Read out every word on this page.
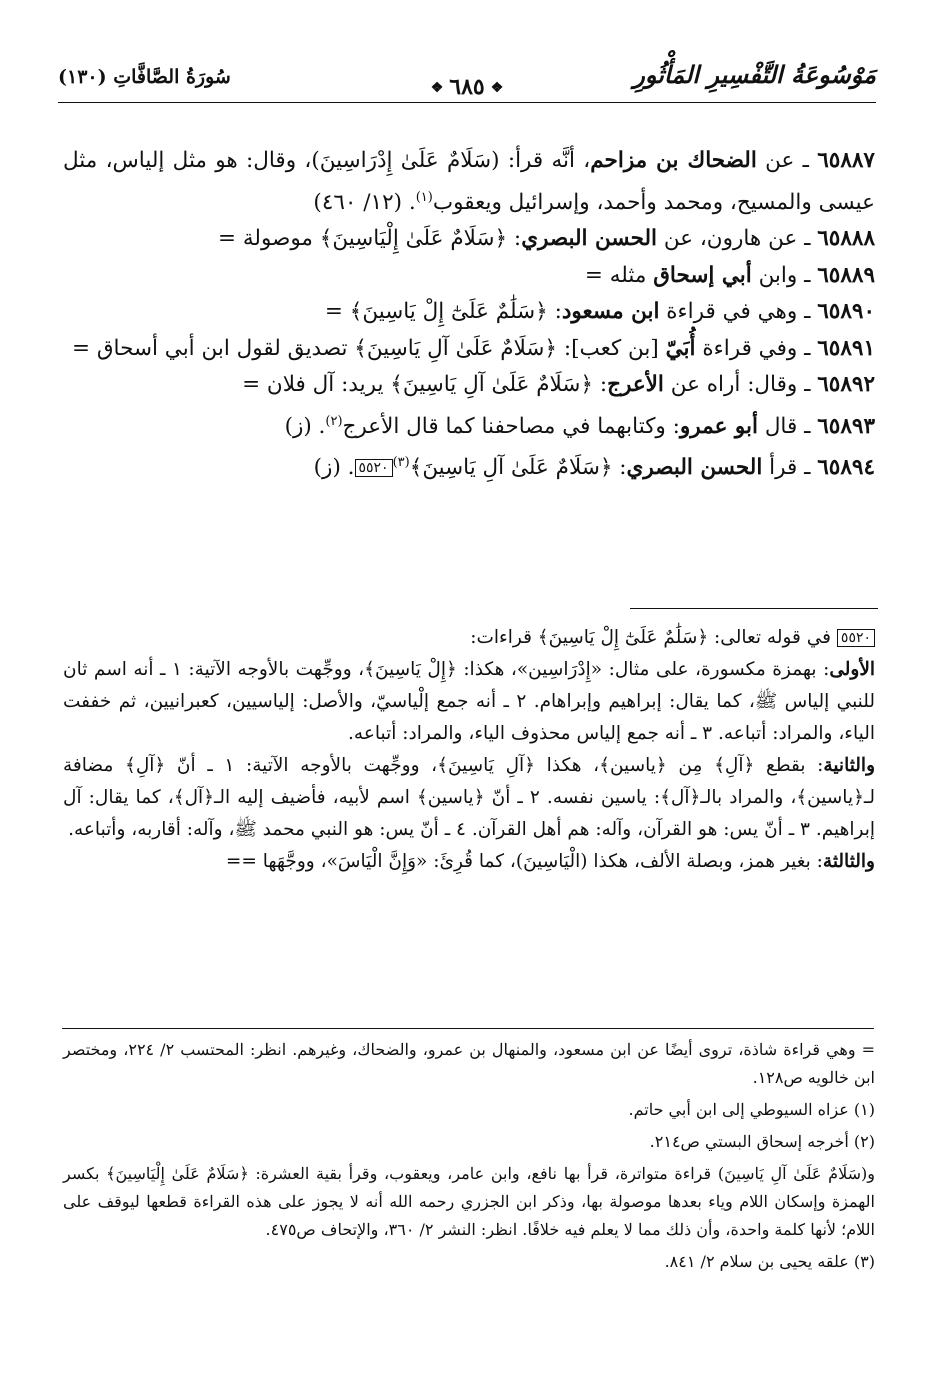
مَوْسُوعَةُ التَّفْسِيرِ المَأْثُورِ
❖٦٨٥❖
سُورَةُ الصَّافَّاتِ (١٣٠)

٦٥٨٨٧ ـ عن الضحاك بن مزاحم، أنَّه قرأ: (سَلَامٌ عَلَىٰ إِدْرَاسِينَ)، وقال: هو مثل إلياس، مثل عيسى والمسيح، ومحمد وأحمد، وإسرائيل ويعقوب$^{(١)}$. (١٢/ ٤٦٠)

٦٥٨٨٨ ـ عن هارون، عن الحسن البصري: ﴿سَلَامٌ عَلَىٰ إِلْيَاسِينَ﴾ موصولة =

٦٥٨٨٩ ـ وابن أبي إسحاق مثله =

٦٥٨٩٠ ـ وهي في قراءة ابن مسعود: ﴿سَلَٰمٌ عَلَىٰٓ إِلْ يَاسِينَ﴾ =

٦٥٨٩١ ـ وفي قراءة أُبَيّ [بن كعب]: ﴿سَلَامٌ عَلَىٰ آلِ يَاسِينَ﴾ تصديق لقول ابن أبي أسحاق =

٦٥٨٩٢ ـ وقال: أراه عن الأعرج: ﴿سَلَامٌ عَلَىٰ آلِ يَاسِينَ﴾ يريد: آل فلان =

٦٥٨٩٣ ـ قال أبو عمرو: وكتابهما في مصاحفنا كما قال الأعرج$^{(٢)}$. (ز)

٦٥٨٩٤ ـ قرأ الحسن البصري: ﴿سَلَامٌ عَلَىٰ آلِ يَاسِينَ﴾$^{(٣)}$٥٥٢٠. (ز)

٥٥٢٠ في قوله تعالى: ﴿سَلَٰمٌ عَلَىٰٓ إِلْ يَاسِينَ﴾ قراءات:

الأولى: بهمزة مكسورة، على مثال: «إِدْرَاسِين»، هكذا: ﴿إِلْ يَاسِينَ﴾، ووجِّهت بالأوجه الآتية: ١ ـ أنه اسم ثان للنبي إلياس ﷺ، كما يقال: إبراهيم وإبراهام. ٢ ـ أنه جمع إلْياسيّ، والأصل: إلياسيين، كعبرانيين، ثم خففت الياء، والمراد: أتباعه. ٣ ـ أنه جمع إلياس محذوف الياء، والمراد: أتباعه.

والثانية: بقطع ﴿آلِ﴾ مِن ﴿ياسين﴾، هكذا ﴿آلِ يَاسِينَ﴾، ووجِّهت بالأوجه الآتية: ١ ـ أنّ ﴿آلِ﴾ مضافة لـ﴿ياسين﴾، والمراد بالـ﴿آل﴾: ياسين نفسه. ٢ ـ أنّ ﴿ياسين﴾ اسم لأبيه، فأضيف إليه الـ﴿آل﴾، كما يقال: آل إبراهيم. ٣ ـ أنّ يس: هو القرآن، وآله: هم أهل القرآن. ٤ ـ أنّ يس: هو النبي محمد ﷺ، وآله: أقاربه، وأتباعه.

والثالثة: بغير همز، وبصلة الألف، هكذا (الْيَاسِينَ)، كما قُرِئَ: «وَإِنَّ الْيَاسَ»، ووجَّهَها ==

= وهي قراءة شاذة، تروى أيضًا عن ابن مسعود، والمنهال بن عمرو، والضحاك، وغيرهم. انظر: المحتسب ٢/ ٢٢٤، ومختصر ابن خالويه ص١٢٨.

(١) عزاه السيوطي إلى ابن أبي حاتم.

(٢) أخرجه إسحاق البستي ص٢١٤.

و(سَلَامٌ عَلَىٰ آلِ يَاسِينَ) قراءة متواترة، قرأ بها نافع، وابن عامر، ويعقوب، وقرأ بقية العشرة: ﴿سَلَامٌ عَلَىٰ إِلْيَاسِينَ﴾ بكسر الهمزة وإسكان اللام وياء بعدها موصولة بها، وذكر ابن الجزري رحمه الله أنه لا يجوز على هذه القراءة قطعها ليوقف على اللام؛ لأنها كلمة واحدة، وأن ذلك مما لا يعلم فيه خلافًا. انظر: النشر ٢/ ٣٦٠، والإتحاف ص٤٧٥.

(٣) علقه يحيى بن سلام ٢/ ٨٤١.
